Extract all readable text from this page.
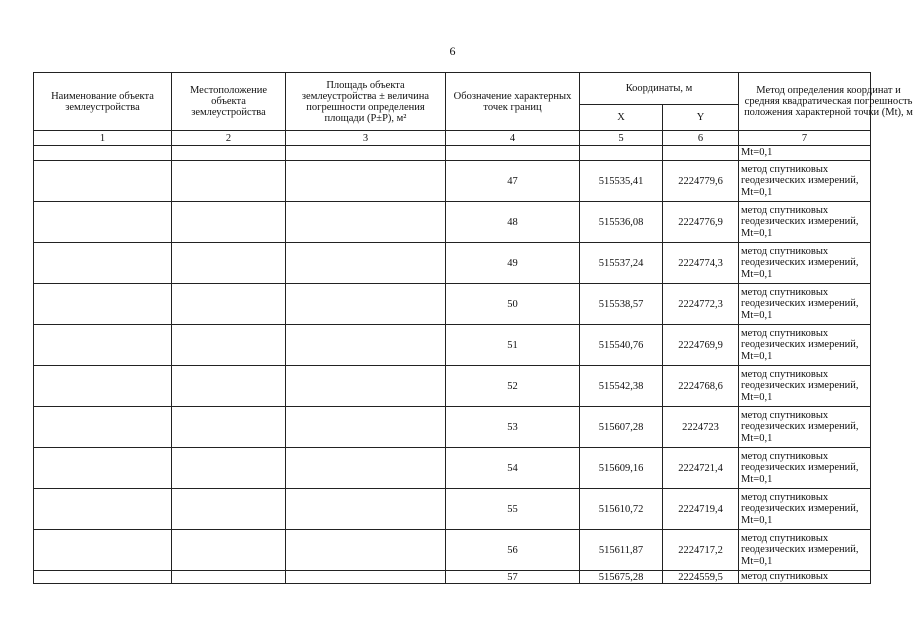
6
Наименование объекта землеустройства	Местоположение объекта землеустройства	Площадь объекта землеустройства ± величина погрешности определения площади (P±P), м²	Обозначение характерных точек границ	Координаты, м		Метод определения координат и средняя квадратическая погрешность положения характерной точки (Mt), м

				X	Y	
1	2	3	4	5	6	7
						Mt=0,1
			47	515535,41	2224779,6	метод спутниковых
геодезических измерений,
Mt=0,1
			48	515536,08	2224776,9	метод спутниковых
геодезических измерений,
Mt=0,1
			49	515537,24	2224774,3	метод спутниковых
геодезических измерений,
Mt=0,1
			50	515538,57	2224772,3	метод спутниковых
геодезических измерений,
Mt=0,1
			51	515540,76	2224769,9	метод спутниковых
геодезических измерений,
Mt=0,1
			52	515542,38	2224768,6	метод спутниковых
геодезических измерений,
Mt=0,1
			53	515607,28	2224723	метод спутниковых
геодезических измерений,
Mt=0,1
			54	515609,16	2224721,4	метод спутниковых
геодезических измерений,
Mt=0,1
			55	515610,72	2224719,4	метод спутниковых
геодезических измерений,
Mt=0,1
			56	515611,87	2224717,2	метод спутниковых
геодезических измерений,
Mt=0,1
			57	515675,28	2224559,5	метод спутниковых
